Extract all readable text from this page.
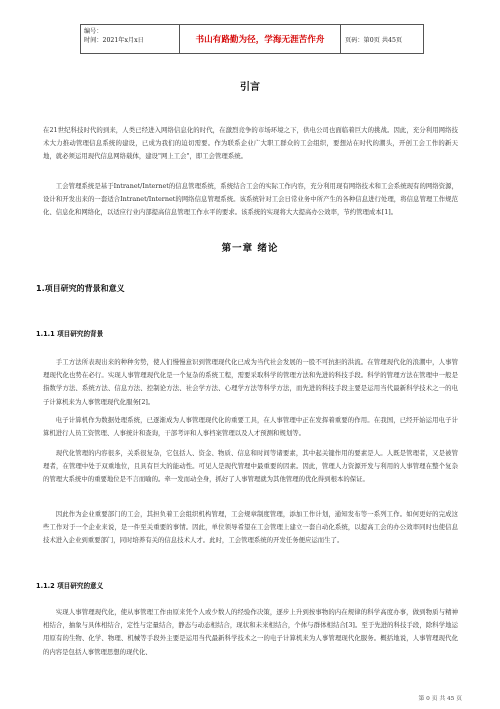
编号：
时间：2021年x月x日	书山有路勤为径，学海无涯苦作舟	页码：第0页 共45页
引言

在21世纪科技时代的到来，人类已经进入网络信息化的时代，在激烈竞争的市场环境之下，供电公司也面临着巨大的挑战。因此，充分利用网络技术大力推动管理信息系统的建设，已成为我们的迫切需要。作为联系企业广大职工群众的工会组织，要想站在时代的潮头，开创工会工作的新天地，就必须运用现代信息网络载体，建设"网上工会"，即工会管理系统。

工会管理系统是基于Intranet/Internet的信息管理系统，系统结合工会的实际工作内容，充分利用现有网络技术和工会系统现有的网络资源，设计和开发出来的一套适合Intranet/Internet的网络信息管理系统。该系统针对工会日常业务中所产生的各种信息进行处理，将信息管理工作规范化、信息化和网络化，以适应行业内部提高信息管理工作水平的要求。该系统的实现将大大提高办公效率，节约管理成本[1]。

第一章 绪论
1.项目研究的背景和意义
1.1.1 项目研究的背景

手工方法所表现出来的种种劣势，使人们慢慢意识到管理现代化已成为当代社会发展的一股不可抗拒的洪流。在管理现代化的浪潮中，人事管理现代化也势在必行。实现人事管理现代化是一个复杂的系统工程，需要采取科学的管理方法和先进的科技手段。科学的管理方法在管理中一般是指数学方法、系统方法、信息方法、控制论方法、社会学方法、心理学方法等科学方法，而先进的科技手段主要是运用当代最新科学技术之一的电子计算机来为人事管理现代化服务[2]。

电子计算机作为数据处理系统，已逐渐成为人事管理现代化的重要工具，在人事管理中正在发挥着重要的作用。在我国，已经开始运用电子计算机进行人员工资管理、人事统计和查询，干部考评和人事档案管理以及人才预测和规划等。

现代化管理的内容很多，关系很复杂，它包括人、资金、物质、信息和时间等诸要素，其中起关键作用的要素是人。人既是管理者，又是被管理者，在管理中处于双重地位，且具有巨大的能动性。可见人是现代管理中最重要的因素。因此，管理人力资源开发与利用的人事管理在整个复杂的管理大系统中的重要地位是不言而喻的。牵一发而动全身，抓好了人事管理就为其他管理的优化得到根本的保证。

因此作为企业重要部门的工会，其担负着工会组织机构管理，工会规章制度管理，添加工作计划，通知发布等一系列工作。如何更好的完成这些工作对于一个企业来说，是一件至关重要的事情。因此，单位领导希望在工会管理上建立一套自动化系统，以提高工会的办公效率同时也使信息技术进入企业到重要部门，同时培养有关的信息技术人才。此时，工会管理系统的开发任务便应运而生了。

1.1.2 项目研究的意义

实现人事管理现代化，使从事管理工作由原来凭个人或少数人的经验作决策，逐步上升到按事物的内在规律的科学高度办事，做到物质与精神相结合，抽象与具体相结合，定性与定量结合，静态与动态相结合，现状和未来相结合，个体与群体相结合[3]。至于先进的科技手段，除科学地运用原有的生物、化学、物理、机械等手段外主要是运用当代最新科学技术之一的电子计算机来为人事管理现代化服务。概括地说，人事管理现代化的内容是包括人事管理思想的现代化、

第 0 页 共 45 页
